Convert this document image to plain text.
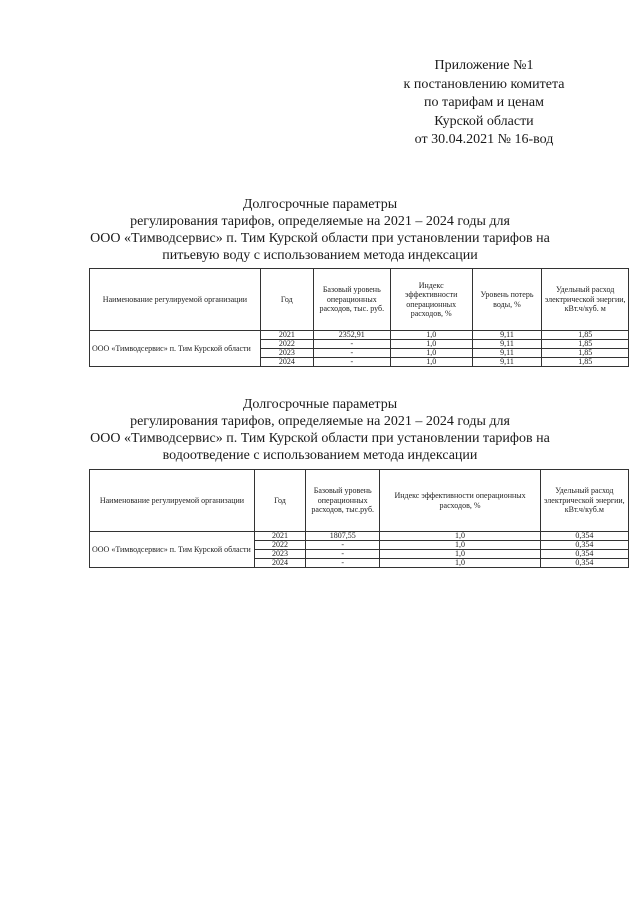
Приложение №1
к постановлению комитета
по тарифам и ценам
Курской области
от 30.04.2021 № 16-вод
Долгосрочные параметры
регулирования тарифов, определяемые на 2021 – 2024 годы для
ООО «Тимводсервис» п. Тим Курской области при установлении тарифов на
питьевую воду с использованием метода индексации
Наименование регулируемой организации	Год	Базовый уровень операционных расходов, тыс. руб.	Индекс эффективности операционных расходов, %	Уровень потерь воды, %	Удельный расход электрической энергии, кВт.ч/куб. м
ООО «Тимводсервис» п. Тим Курской области	2021	2352,91	1,0	9,11	1,85
	2022	-	1,0	9,11	1,85
	2023	-	1,0	9,11	1,85
	2024	-	1,0	9,11	1,85
Долгосрочные параметры
регулирования тарифов, определяемые на 2021 – 2024 годы для
ООО «Тимводсервис» п. Тим Курской области при установлении тарифов на
водоотведение с использованием метода индексации
Наименование регулируемой организации	Год	Базовый уровень операционных расходов, тыс.руб.	Индекс эффективности операционных расходов, %	Удельный расход электрической энергии, кВт.ч/куб.м
ООО «Тимводсервис» п. Тим Курской области	2021	1807,55	1,0	0,354
	2022	-	1,0	0,354
	2023	-	1,0	0,354
	2024	-	1,0	0,354
